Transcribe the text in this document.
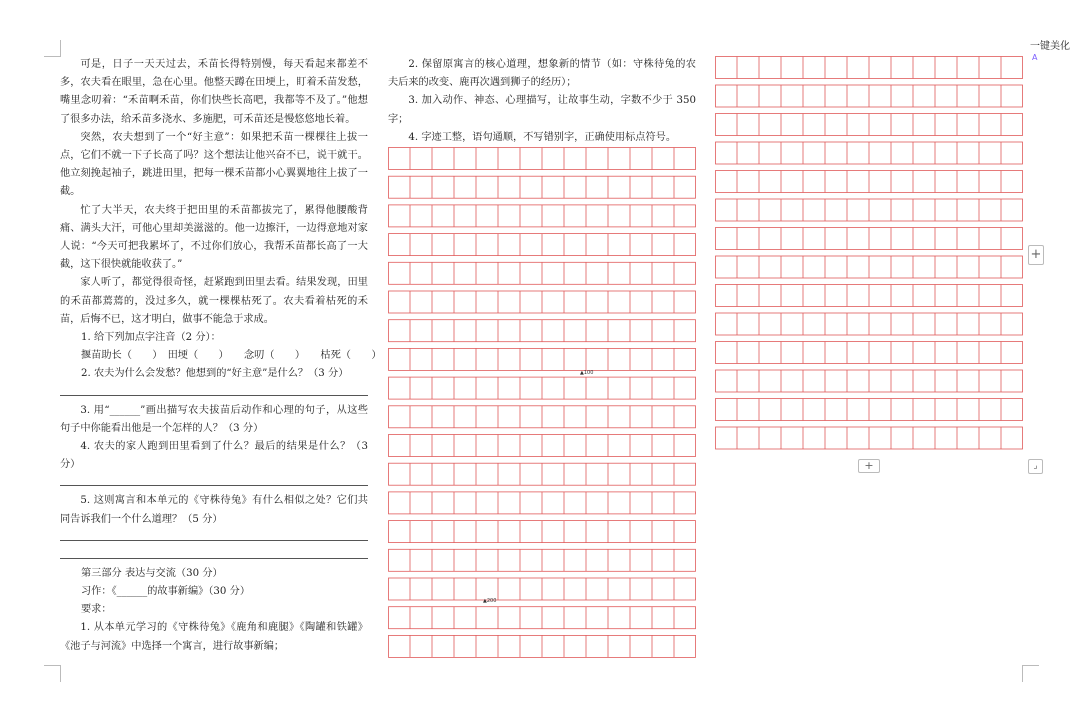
可是，日子一天天过去，禾苗长得特别慢，每天看起来都差不多，农夫看在眼里，急在心里。他整天蹲在田埂上，盯着禾苗发愁，嘴里念叨着：“禾苗啊禾苗，你们快些长高吧，我都等不及了。”他想了很多办法，给禾苗多浇水、多施肥，可禾苗还是慢悠悠地长着。

突然，农夫想到了一个“好主意”：如果把禾苗一棵棵往上拔一点，它们不就一下子长高了吗？这个想法让他兴奋不已，说干就干。他立刻挽起袖子，跳进田里，把每一棵禾苗都小心翼翼地往上拔了一截。

忙了大半天，农夫终于把田里的禾苗都拔完了，累得他腰酸背痛、满头大汗，可他心里却美滋滋的。他一边擦汗，一边得意地对家人说：“今天可把我累坏了，不过你们放心，我帮禾苗都长高了一大截，这下很快就能收获了。”

家人听了，都觉得很奇怪，赶紧跑到田里去看。结果发现，田里的禾苗都蔫蔫的，没过多久，就一棵棵枯死了。农夫看着枯死的禾苗，后悔不已，这才明白，做事不能急于求成。

1. 给下列加点字注音（2 分）：

揠苗助长（　　）　田埂（　　）　　念叨（　　）　　枯死（　　）

2. 农夫为什么会发愁？他想到的“好主意”是什么？（3 分）

3. 用“______”画出描写农夫拔苗后动作和心理的句子，从这些句子中你能看出他是一个怎样的人？（3 分）

4. 农夫的家人跑到田里看到了什么？最后的结果是什么？（3 分）

5. 这则寓言和本单元的《守株待兔》有什么相似之处？它们共同告诉我们一个什么道理？（5 分）

第三部分 表达与交流（30 分）

习作：《______的故事新编》（30 分）

要求：

1. 从本单元学习的《守株待兔》《鹿角和鹿腿》《陶罐和铁罐》《池子与河流》中选择一个寓言，进行故事新编；

2. 保留原寓言的核心道理，想象新的情节（如：守株待兔的农夫后来的改变、鹿再次遇到狮子的经历）；

3. 加入动作、神态、心理描写，让故事生动，字数不少于 350 字；

4. 字迹工整，语句通顺，不写错别字，正确使用标点符号。

▲100
▲200
一键美化A
+
+	⌟
